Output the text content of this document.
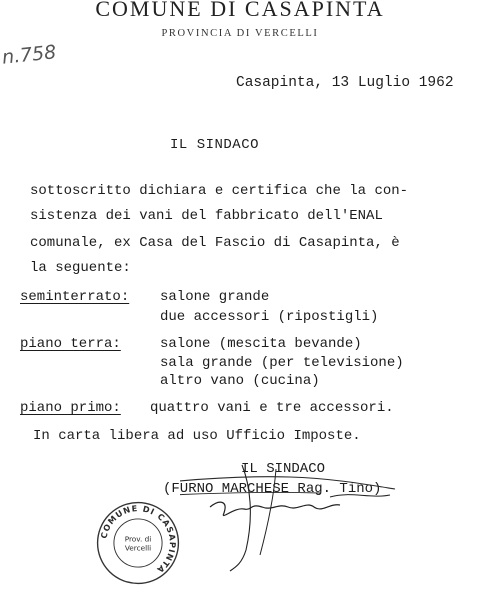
COMUNE DI CASAPINTA
PROVINCIA DI VERCELLI
n.758
Casapinta, 13 Luglio 1962
IL SINDACO
sottoscritto dichiara e certifica che la con-
sistenza dei vani del fabbricato dell'ENAL
comunale, ex Casa del Fascio di Casapinta, è
la seguente:
seminterrato: salone grande
due accessori (ripostigli)
piano terra:	salone (mescita bevande)
sala grande (per televisione)
altro vano (cucina)
piano primo: quattro vani e tre accessori.
In carta libera ad uso Ufficio Imposte.
IL SINDACO
(FURNO MARCHESE Rag. Tino)
COMUNE DI CASAPINTA
Prov. di
Vercelli
